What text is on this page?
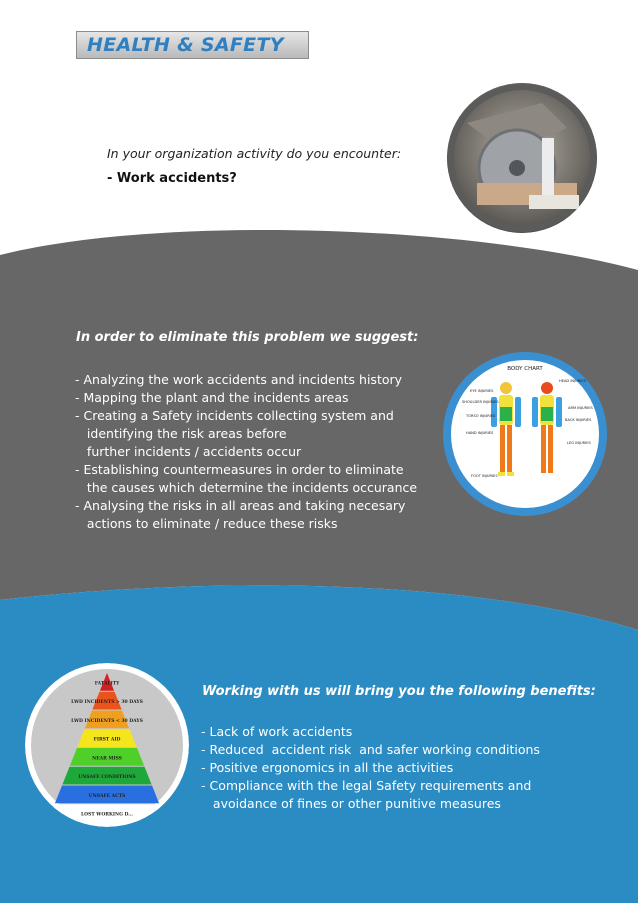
HEALTH & SAFETY
In your organization activity do you encounter:
- Work accidents?
In order to eliminate this problem we suggest:
- Analyzing the work accidents and incidents history
- Mapping the plant and the incidents areas
- Creating a Safety incidents collecting system and
identifying the risk areas before
further incidents / accidents occur
- Establishing countermeasures in order to eliminate
the causes which determine the incidents occurance
- Analysing the risks in all areas and taking necesary
actions to eliminate / reduce these risks
BODY CHART
EYE INJURIES
SHOULDER INJURIES
TORSO INJURIES
HAND INJURIES
FOOT INJURIES
HEAD INJURIES
ARM INJURIES
BACK INJURIES
LEG INJURIES
FATALITY
LWD INCIDENTS > 30 DAYS
LWD INCIDENTS < 30 DAYS
FIRST AID
NEAR MISS
UNSAFE CONDITIONS
UNSAFE ACTS
LOST WORKING D...
Working with us will bring you the following benefits:
- Lack of work accidents
- Reduced  accident risk  and safer working conditions
- Positive ergonomics in all the activities
- Compliance with the legal Safety requirements and
avoidance of fines or other punitive measures
